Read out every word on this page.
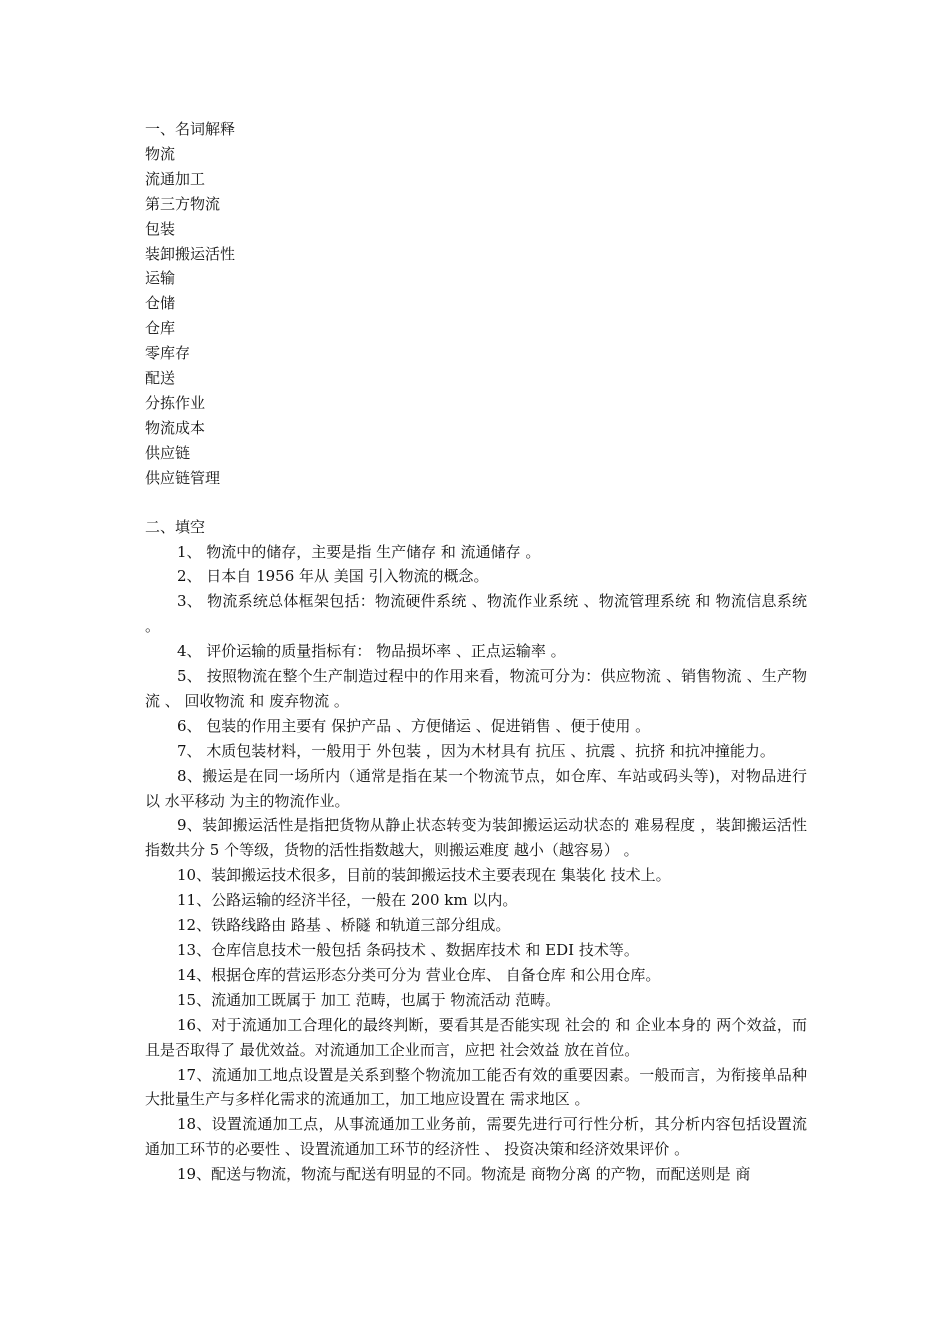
一、名词解释
物流
流通加工
第三方物流
包装
装卸搬运活性
运输
仓储
仓库
零库存
配送
分拣作业
物流成本
供应链
供应链管理
二、填空
1、 物流中的储存，主要是指 生产储存 和 流通储存 。
2、 日本自 1956 年从 美国 引入物流的概念。
3、 物流系统总体框架包括：物流硬件系统 、物流作业系统 、物流管理系统 和 物流信息系统 。
4、 评价运输的质量指标有： 物品损坏率 、正点运输率 。
5、 按照物流在整个生产制造过程中的作用来看，物流可分为：供应物流 、销售物流 、生产物流 、 回收物流 和 废弃物流 。
6、 包装的作用主要有 保护产品 、方便储运 、促进销售 、便于使用 。
7、 木质包装材料，一般用于 外包装 ，因为木材具有 抗压 、抗震 、抗挤 和抗冲撞能力。
8、搬运是在同一场所内（通常是指在某一个物流节点，如仓库、车站或码头等)，对物品进行以 水平移动 为主的物流作业。
9、装卸搬运活性是指把货物从静止状态转变为装卸搬运运动状态的 难易程度 ，装卸搬运活性指数共分 5 个等级，货物的活性指数越大，则搬运难度 越小（越容易） 。
10、装卸搬运技术很多，目前的装卸搬运技术主要表现在 集装化 技术上。
11、公路运输的经济半径，一般在 200 km 以内。
12、铁路线路由 路基 、桥隧 和轨道三部分组成。
13、仓库信息技术一般包括 条码技术 、数据库技术 和 EDI 技术等。
14、根据仓库的营运形态分类可分为 营业仓库、 自备仓库 和公用仓库。
15、流通加工既属于 加工 范畴，也属于 物流活动 范畴。
16、对于流通加工合理化的最终判断，要看其是否能实现 社会的 和 企业本身的 两个效益，而且是否取得了 最优效益。对流通加工企业而言，应把 社会效益 放在首位。
17、流通加工地点设置是关系到整个物流加工能否有效的重要因素。一般而言，为衔接单品种大批量生产与多样化需求的流通加工，加工地应设置在 需求地区 。
18、设置流通加工点，从事流通加工业务前，需要先进行可行性分析，其分析内容包括设置流通加工环节的必要性 、设置流通加工环节的经济性 、 投资决策和经济效果评价 。
19、配送与物流，物流与配送有明显的不同。物流是 商物分离 的产物，而配送则是 商
